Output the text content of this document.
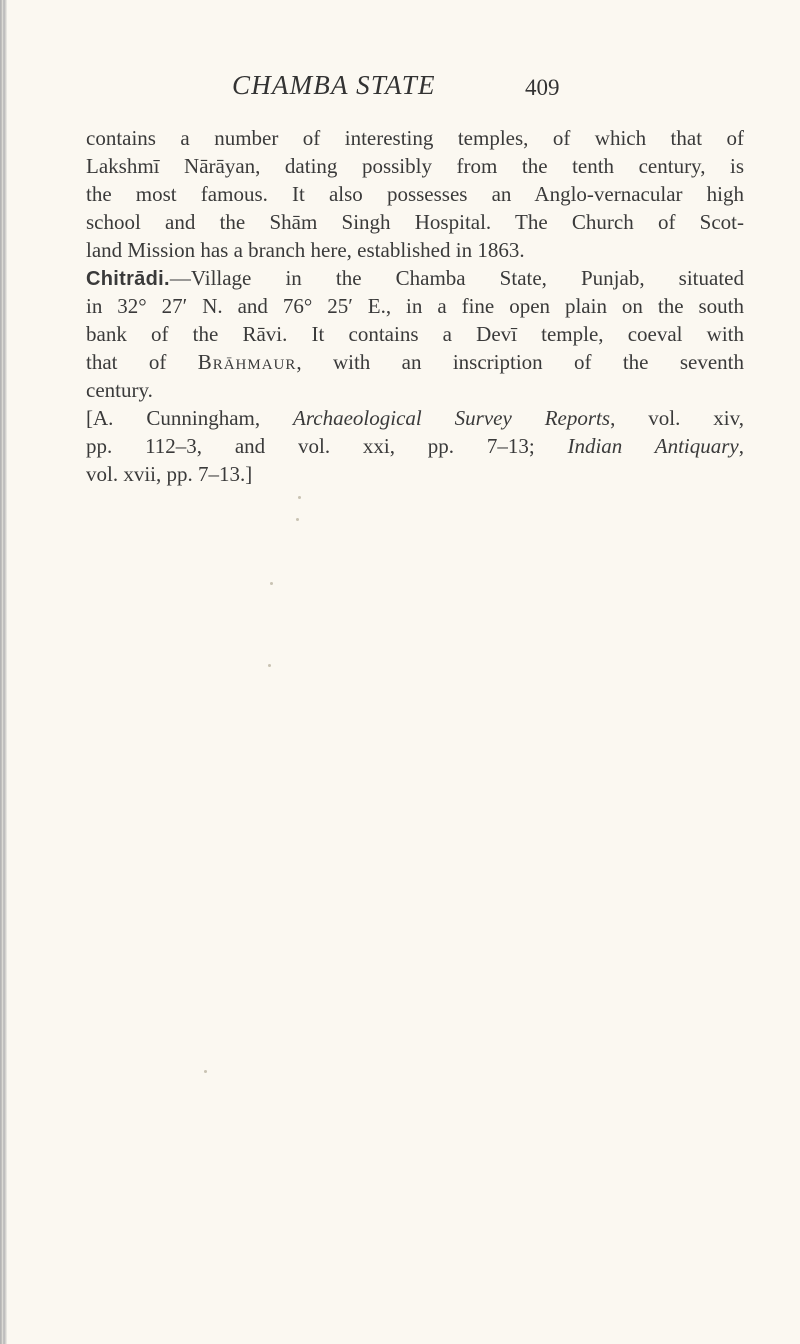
CHAMBA STATE	409
contains a number of interesting temples, of which that of
Lakshmī Nārāyan, dating possibly from the tenth century, is
the most famous. It also possesses an Anglo-vernacular high
school and the Shām Singh Hospital. The Church of Scot-
land Mission has a branch here, established in 1863.
Chitrādi.—Village in the Chamba State, Punjab, situated
in 32° 27′ N. and 76° 25′ E., in a fine open plain on the south
bank of the Rāvi. It contains a Devī temple, coeval with
that of Brāhmaur, with an inscription of the seventh
century.
[A. Cunningham, Archaeological Survey Reports, vol. xiv,
pp. 112–3, and vol. xxi, pp. 7–13; Indian Antiquary,
vol. xvii, pp. 7–13.]
